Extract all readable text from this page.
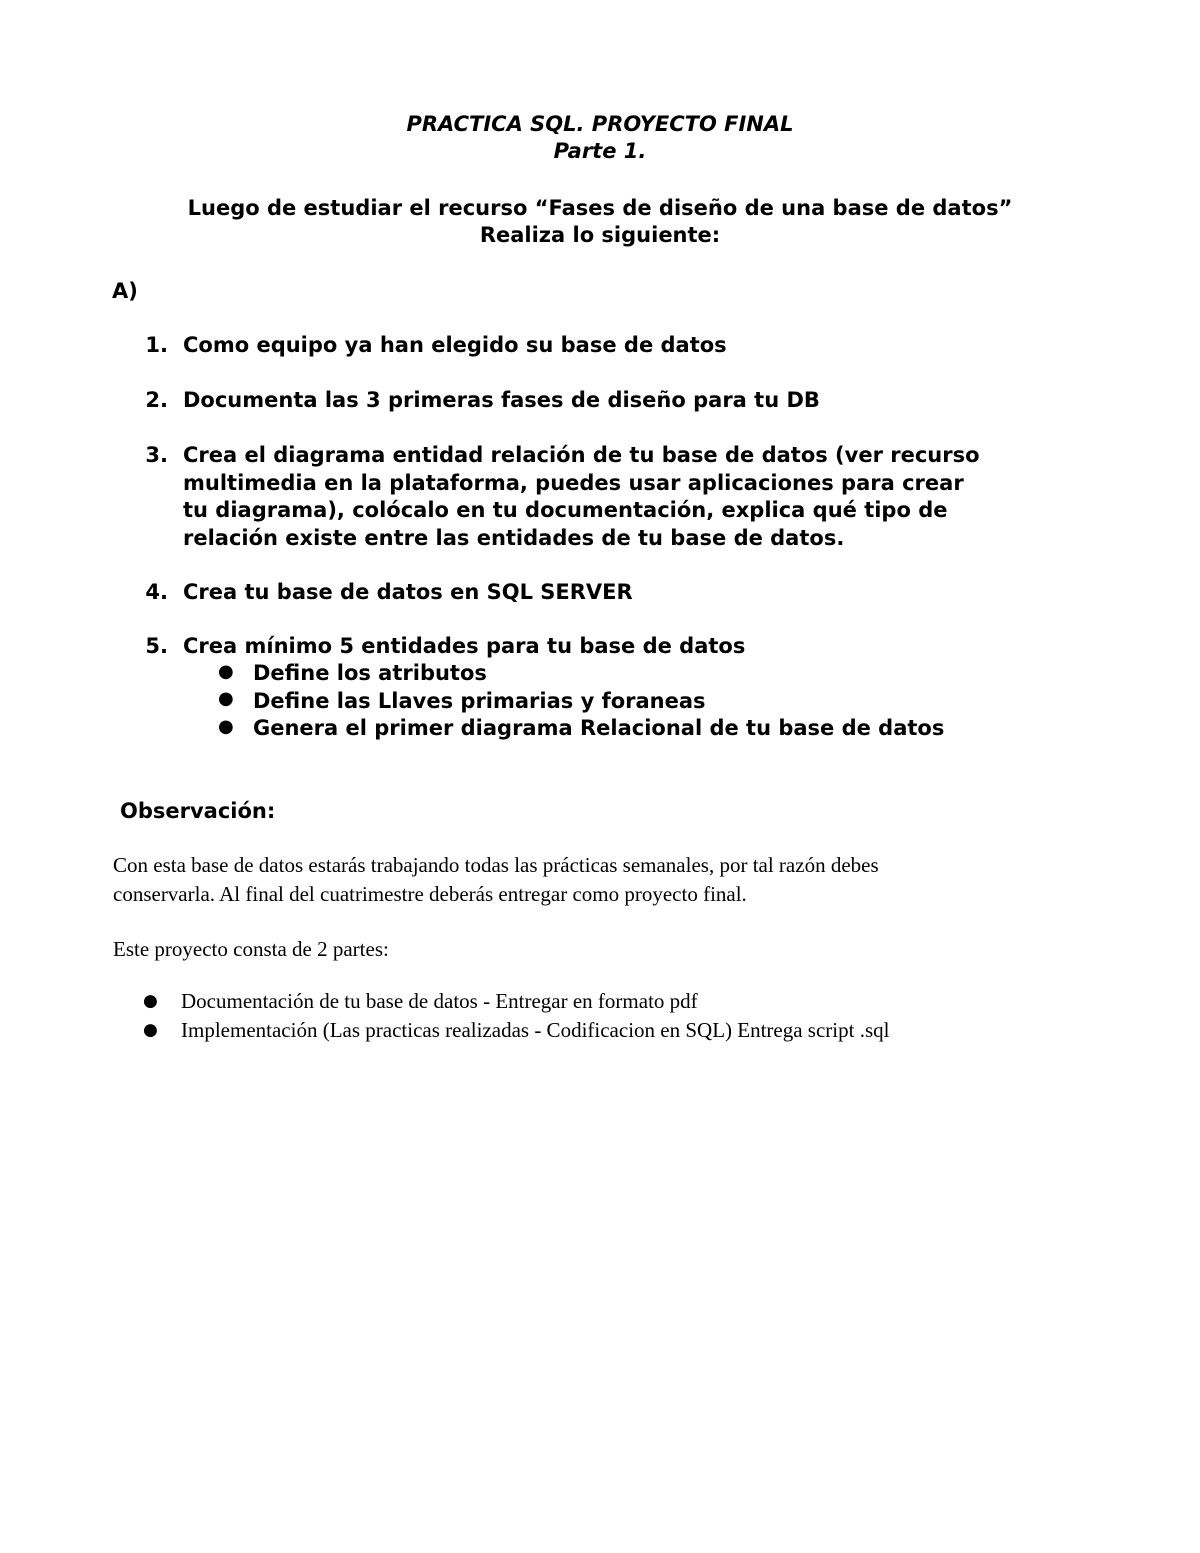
PRACTICA SQL. PROYECTO FINAL
Parte 1.
Luego de estudiar el recurso “Fases de diseño de una base de datos”
Realiza lo siguiente:
A)
1. Como equipo ya han elegido su base de datos
2. Documenta las 3 primeras fases de diseño para tu DB
3. Crea el diagrama entidad relación de tu base de datos (ver recurso
multimedia en la plataforma, puedes usar aplicaciones para crear
tu diagrama), colócalo en tu documentación, explica qué tipo de
relación existe entre las entidades de tu base de datos.
4. Crea tu base de datos en SQL SERVER
5. Crea mínimo 5 entidades para tu base de datos
● Define los atributos
● Define las Llaves primarias y foraneas
● Genera el primer diagrama Relacional de tu base de datos
Observación:
Con esta base de datos estarás trabajando todas las prácticas semanales, por tal razón debes
conservarla. Al final del cuatrimestre deberás entregar como proyecto final.
Este proyecto consta de 2 partes:
● Documentación de tu base de datos - Entregar en formato pdf
● Implementación (Las practicas realizadas - Codificacion en SQL) Entrega script .sql
